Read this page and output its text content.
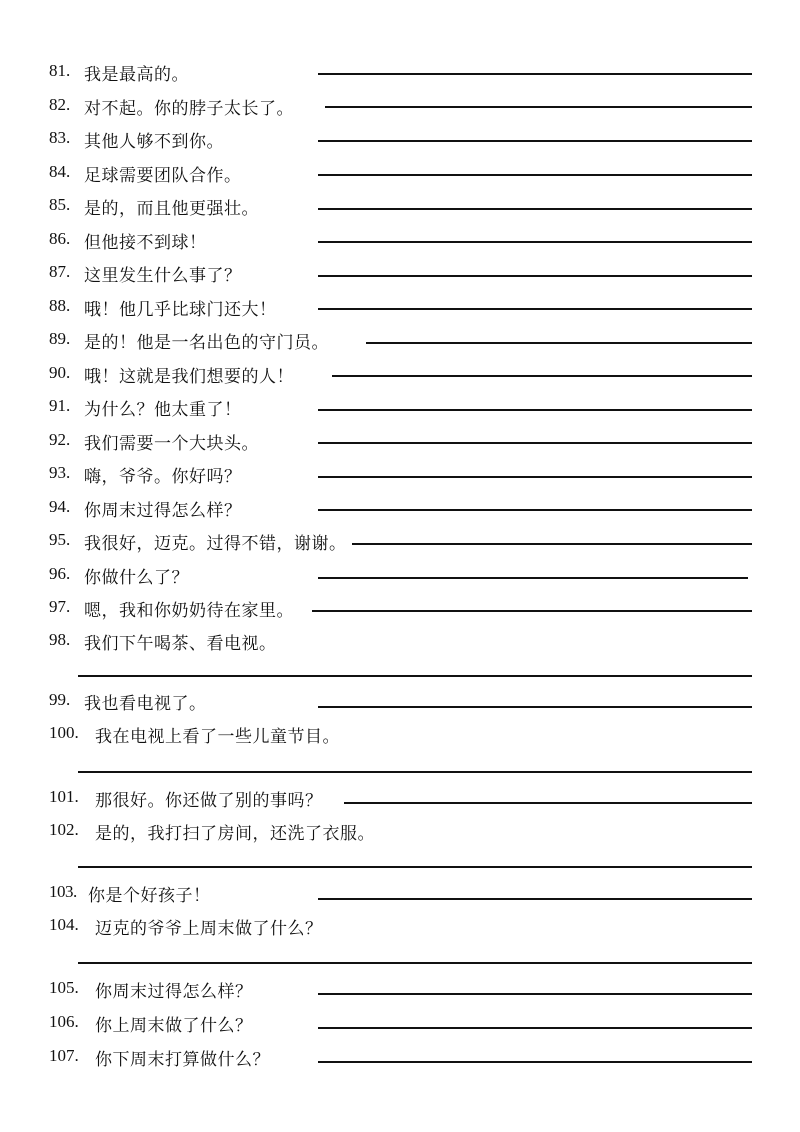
81. 我是最高的。
82. 对不起。你的脖子太长了。
83. 其他人够不到你。
84. 足球需要团队合作。
85. 是的，而且他更强壮。
86. 但他接不到球！
87. 这里发生什么事了？
88. 哦！他几乎比球门还大！
89. 是的！他是一名出色的守门员。
90. 哦！这就是我们想要的人！
91. 为什么？他太重了！
92. 我们需要一个大块头。
93. 嗨，爷爷。你好吗？
94. 你周末过得怎么样？
95. 我很好，迈克。过得不错，谢谢。
96. 你做什么了？
97. 嗯，我和你奶奶待在家里。
98. 我们下午喝茶、看电视。
99. 我也看电视了。
100. 我在电视上看了一些儿童节目。
101. 那很好。你还做了别的事吗？
102. 是的，我打扫了房间，还洗了衣服。
103. 你是个好孩子！
104. 迈克的爷爷上周末做了什么？
105. 你周末过得怎么样？
106. 你上周末做了什么？
107. 你下周末打算做什么？
